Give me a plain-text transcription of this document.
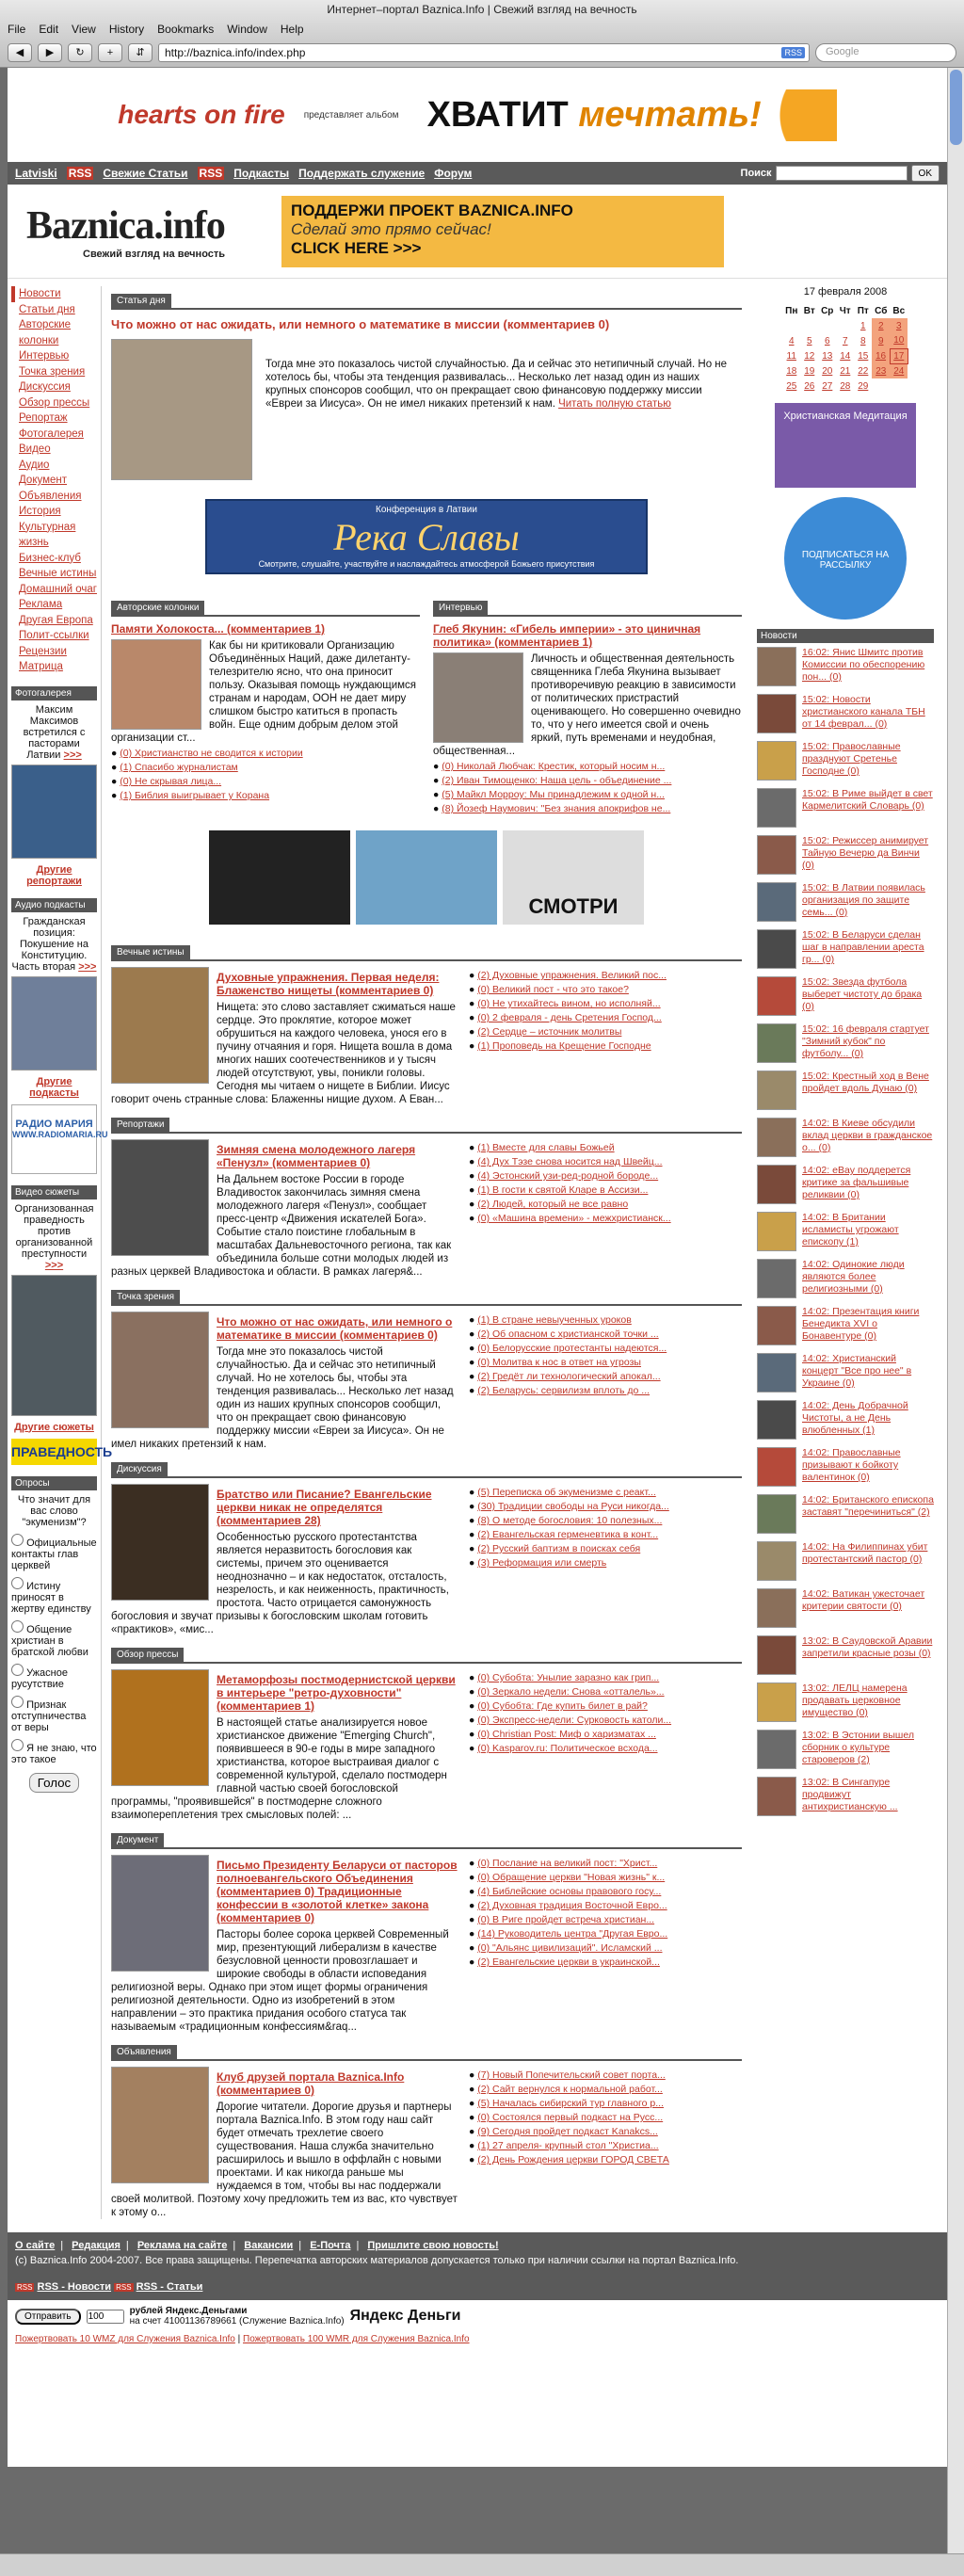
Интернет–портал Baznica.Info | Свежий взгляд на вечность
File Edit View History Bookmarks Window Help
◀	▶	↻	+	⇵	http://baznica.info/index.php	RSS	Google
hearts on fire представляет альбом ХВАТИТ мечтать!
Latviski RSS Свежие Статьи RSS Подкасты Поддержать служение Форум	Поиск	OK
Baznica.info
Свежий взгляд на вечность
ПОДДЕРЖИ ПРОЕКТ BAZNICA.INFO
Сделай это прямо сейчас!
CLICK HERE >>>
Новости
Статьи дня
Авторские колонки
Интервью
Точка зрения
Дискуссия
Обзор прессы
Репортаж
Фотогалерея
Видео
Аудио
Документ
Объявления
История
Культурная жизнь
Бизнес-клуб
Вечные истины
Домашний очаг
Реклама
Другая Европа
Полит-ссылки
Рецензии
Матрица
Фотогалерея

Максим Максимов встретился с пасторами Латвии >>>

Другие репортажи
Аудио подкасты

Гражданская позиция: Покушение на Конституцию. Часть вторая >>>

Другие подкасты
РАДИО МАРИЯ
WWW.RADIOMARIA.RU
Видео сюжеты

Организованная праведность против организованной преступности >>>

Другие сюжеты
ПРАВЕДНОСТЬ
Опросы

Что значит для вас слово "экуменизм"?

Официальные контакты глав церквей
Истину приносят в жертву единству
Общение христиан в братской любви
Ужасное русутствие
Признак отступничества от веры
Я не знаю, что это такое
Голос
Статья дня
Что можно от нас ожидать, или немного о математике в миссии (комментариев 0)
Тогда мне это показалось чистой случайностью. Да и сейчас это нетипичный случай. Но не хотелось бы, чтобы эта тенденция развивалась... Несколько лет назад один из наших крупных спонсоров сообщил, что он прекращает свою финансовую поддержку миссии «Евреи за Иисуса». Он не имел никаких претензий к нам. Читать полную статью
Конференция в Латвии
Река Славы
Смотрите, слушайте, участвуйте и наслаждайтесь атмосферой Божьего присутствия
Авторские колонки
Памяти Холокоста... (комментариев 1)
Как бы ни критиковали Организацию Объединённых Наций, даже дилетанту-телезрителю ясно, что она приносит пользу. Оказывая помощь нуждающимся странам и народам, ООН не дает миру слишком быстро катиться в пропасть войн. Еще одним добрым делом этой организации ст...
● (0) Христианство не сводится к истории
● (1) Спасибо журналистам
● (0) Не скрывая лица...
● (1) Библия выигрывает у Корана
Интервью
Глеб Якунин: «Гибель империи» - это циничная политика» (комментариев 1)
Личность и общественная деятельность священника Глеба Якунина вызывает противоречивую реакцию в зависимости от политических пристрастий оценивающего. Но совершенно очевидно то, что у него имеется свой и очень яркий, путь временами и неудобная, общественная...
● (0) Николай Любчак: Крестик, который носим н...
● (2) Иван Тимощенко: Наша цель - объединение ...
● (5) Майкл Морроу: Мы принадлежим к одной н...
● (8) Йозеф Наумович: "Без знания апокрифов не...
СМОТРИ
Вечные истины
Духовные упражнения. Первая неделя: Блаженство нищеты (комментариев 0)
Нищета: это слово заставляет сжиматься наше сердце. Это проклятие, которое может обрушиться на каждого человека, унося его в пучину отчаяния и горя. Нищета вошла в дома многих наших соотечественников и у тысяч людей отсутствуют, увы, поникли головы. Сегодня мы читаем о нищете в Библии. Иисус говорит очень странные слова: Блаженны нищие духом. А Еван...
● (2) Духовные упражнения. Великий пос...
● (0) Великий пост - что это такое?
● (0) Не утихайтесь вином, но исполняй...
● (0) 2 февраля - день Сретения Господ...
● (2) Сердце – источник молитвы
● (1) Проповедь на Крещение Господне
Репортажи
Зимняя смена молодежного лагеря «Пенузл» (комментариев 0)
На Дальнем востоке России в городе Владивосток закончилась зимняя смена молодежного лагеря «Пенузл», сообщает пресс-центр «Движения искателей Бога». Событие стало поистине глобальным в масштабах Дальневосточного региона, так как объединила больше сотни молодых людей из разных церквей Владивостока и области. В рамках лагеря&...
● (1) Вместе для славы Божьей
● (4) Дух Тэзе снова носится над Швейц...
● (4) Эстонский узи-ред-родной бороде...
● (1) В гости к святой Кларе в Ассизи...
● (2) Людей, который не все равно
● (0) «Машина времени» - межхристианск...
Точка зрения
Что можно от нас ожидать, или немного о математике в миссии (комментариев 0)
Тогда мне это показалось чистой случайностью. Да и сейчас это нетипичный случай. Но не хотелось бы, чтобы эта тенденция развивалась... Несколько лет назад один из наших крупных спонсоров сообщил, что он прекращает свою финансовую поддержку миссии «Евреи за Иисуса». Он не имел никаких претензий к нам.
● (1) В стране невыученных уроков
● (2) Об опасном с христианской точки ...
● (0) Белорусские протестанты надеются...
● (0) Молитва к нос в ответ на угрозы
● (2) Гредёт ли технологический апокал...
● (2) Беларусь: сервилизм вплоть до ...
Дискуссия
Братство или Писание? Евангельские церкви никак не определятся (комментариев 28)
Особенностью русского протестантства является неразвитость богословия как системы, причем это оценивается неоднозначно – и как недостаток, отсталость, незрелость, и как неиженность, практичность, простота. Часто отрицается самонужность богословия и звучат призывы к богословским школам готовить «практиков», «мис...
● (5) Переписка об экуменизме с реакт...
● (30) Традиции свободы на Руси никогда...
● (8) О методе богословия: 10 полезных...
● (2) Евангельская герменевтика в конт...
● (2) Русский баптизм в поисках себя
● (3) Реформация или смерть
Обзор прессы
Метаморфозы постмодернистской церкви в интерьере "ретро-духовности" (комментариев 1)
В настоящей статье анализируется новое христианское движение "Emerging Church", появившееся в 90-е годы в мире западного христианства, которое выстраивая диалог с современной культурой, сделало постмодерн главной частью своей богословской программы, "проявившейся" в постмодерне сложного взаимопереплетения трех смысловых полей: ...
● (0) Субобта: Унылие заразно как грип...
● (0) Зеркало недели: Снова «отталель»...
● (0) Субобта: Где купить билет в рай?
● (0) Экспресс-недели: Сурковость католи...
● (0) Christian Post: Миф о харизматах ...
● (0) Kasparov.ru: Политическое всхода...
Документ
Письмо Президенту Беларуси от пасторов полноевангельского Объединения (комментариев 0) Традиционные конфессии в «золотой клетке» закона (комментариев 0)
Пасторы более сорока церквей Современный мир, презентующий либерализм в качестве безусловной ценности провозглашает и широкие свободы в области исповедания религиозной веры. Однако при этом ищет формы ограничения религиозной деятельности. Одно из изобретений в этом направлении – это практика придания особого статуса так называемым «традиционным конфессиям&raq...
● (0) Послание на великий пост: "Христ...
● (0) Обращение церкви "Новая жизнь" к...
● (4) Библейские основы правового госу...
● (2) Духовная традиция Восточной Евро...
● (0) В Риге пройдет встреча христиан...
● (14) Руководитель центра "Другая Евро...
● (0) "Альянс цивилизаций". Исламский ...
● (2) Евангельские церкви в украинской...
Объявления
Клуб друзей портала Baznica.Info (комментариев 0)
Дорогие читатели. Дорогие друзья и партнеры портала Baznica.Info. В этом году наш сайт будет отмечать трехлетие своего существования. Наша служба значительно расширилось и вышло в оффлайн с новыми проектами. И как никогда раньше мы нуждаемся в том, чтобы вы нас поддержали своей молитвой. Поэтому хочу предложить тем из вас, кто чувствует к этому о...
● (7) Новый Попечительский совет порта...
● (2) Сайт вернулся к нормальной работ...
● (5) Началась сибирский тур главного р...
● (0) Состоялся первый подкаст на Русс...
● (9) Сегодня пройдет подкаст Kanakcs...
● (1) 27 апреля- крупный стол "Христиа...
● (2) День Рождения церкви ГОРОД СВЕТА
17 февраля 2008
Пн	Вт	Ср	Чт	Пт	Сб	Вс
				1	2	3
4	5	6	7	8	9	10
11	12	13	14	15	16	17
18	19	20	21	22	23	24
25	26	27	28	29		
Христианская Медитация
ПОДПИСАТЬСЯ НА РАССЫЛКУ
Новости
16:02: Янис Шмитс против Комиссии по обеспорению пон... (0)
15:02: Новости христианского канала ТБН от 14 феврал... (0)
15:02: Православные празднуют Сретенье Господне (0)
15:02: В Риме выйдет в свет Кармелитский Словарь (0)
15:02: Режиссер анимирует Тайную Вечерю да Винчи (0)
15:02: В Латвии появилась организация по защите семь... (0)
15:02: В Беларуси сделан шаг в направлении ареста гр... (0)
15:02: Звезда футбола выберет чистоту до брака (0)
15:02: 16 февраля стартует "Зимний кубок" по футболу... (0)
15:02: Крестный ход в Вене пройдет вдоль Дунаю (0)
14:02: В Киеве обсудили вклад церкви в гражданское о... (0)
14:02: eBay поддерется критике за фальшивые реликвии (0)
14:02: В Британии исламисты угрожают епископу (1)
14:02: Одинокие люди являются более религиозными (0)
14:02: Презентация книги Бенедикта XVI о Бонавентуре (0)
14:02: Христианский концерт "Все про нее" в Украине (0)
14:02: День Добрачной Чистоты, а не День влюбленных (1)
14:02: Православные призывают к бойкоту валентинок (0)
14:02: Британского епископа заставят "перечиниться" (2)
14:02: На Филиппинах убит протестантский пастор (0)
14:02: Ватикан ужесточает критерии святости (0)
13:02: В Саудовской Аравии запретили красные розы (0)
13:02: ЛЕЛЦ намерена продавать церковное имущество (0)
13:02: В Эстонии вышел сборник о культуре староверов (2)
13:02: В Сингапуре продвижут антихристианскую ...
О сайте | Редакция | Реклама на сайте | Вакансии | E-Почта | Пришлите свою новость!
(c) Baznica.Info 2004-2007. Все права защищены. Перепечатка авторских материалов допускается только при наличии ссылки на портал Baznica.Info.
RSS RSS - Новости RSS RSS - Статьи
Отправить
100	рублей Яндекс.Деньгами
на счет 41001136789661 (Служение Baznica.Info) Яндекс Деньги
Пожертвовать 10 WMZ для Служения Baznica.Info | Пожертвовать 100 WMR для Служения Baznica.Info
